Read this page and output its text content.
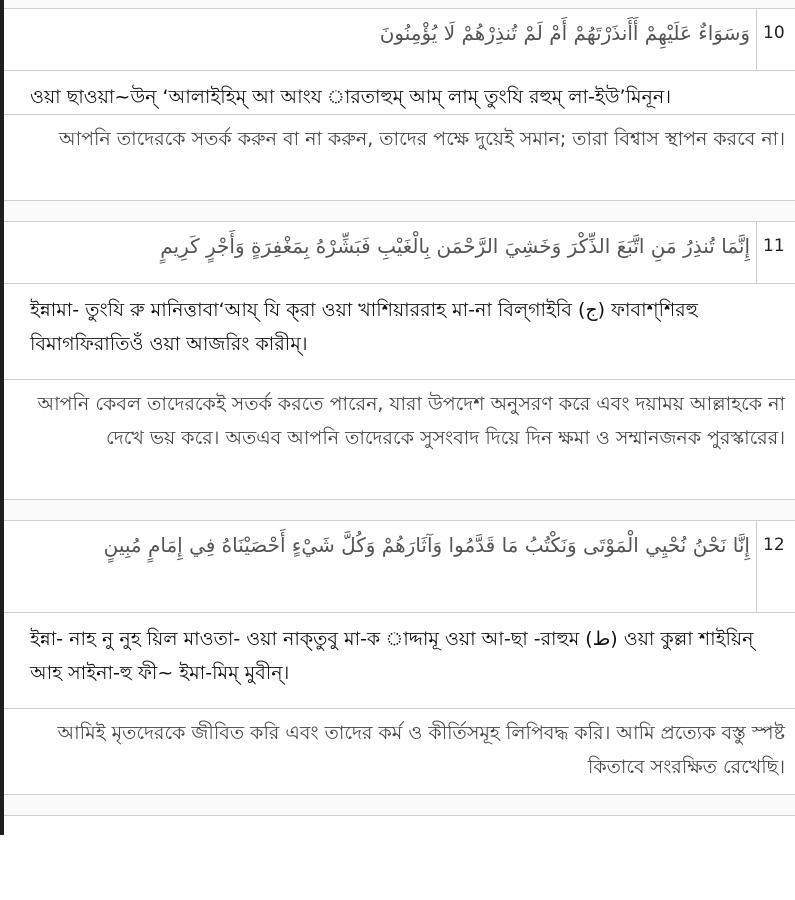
وَسَوَاءٌ عَلَيْهِمْ أَأَنذَرْتَهُمْ أَمْ لَمْ تُنذِرْهُمْ لَا يُؤْمِنُونَ 10
ওয়া ছাওয়া~উন্‌ ‘আলাইহিম্‌ আ আংয ারতাহুম্‌ আম্‌ লাম্‌ তুংযি রহুম্‌ লা-ইউ’মিনূন।
আপনি তাদেরকে সতর্ক করুন বা না করুন, তাদের পক্ষে দুয়েই সমান; তারা বিশ্বাস স্থাপন করবে না।
إِنَّمَا تُنذِرُ مَنِ اتَّبَعَ الذِّكْرَ وَخَشِيَ الرَّحْمَن بِالْغَيْبِ فَبَشِّرْهُ بِمَغْفِرَةٍ وَأَجْرٍ كَرِيمٍ 11
ইন্নামা- তুংযি রু মানিত্তাবা‘আয্‌ যি ক্‌রা ওয়া খাশিয়াররাহ মা-না বিল্‌গাইবি (ج) ফাবাশ্‌শিরহু বিমাগফিরাতিওঁ ওয়া আজরিং কারীম্‌।
আপনি কেবল তাদেরকেই সতর্ক করতে পারেন, যারা উপদেশ অনুসরণ করে এবং দয়াময় আল্লাহকে না দেখে ভয় করে। অতএব আপনি তাদেরকে সুসংবাদ দিয়ে দিন ক্ষমা ও সম্মানজনক পুরস্কারের।
إِنَّا نَحْنُ نُحْيِي الْمَوْتَى وَنَكْتُبُ مَا قَدَّمُوا وَآثَارَهُمْ وَكُلَّ شَيْءٍ أَحْصَيْنَاهُ فِي إِمَامٍ مُبِينٍ 12
ইন্না- নাহ নু নুহ য়িল মাওতা- ওয়া নাক্‌তুবু মা-ক াদ্দামূ ওয়া আ-ছা -রাহুম (ط) ওয়া কুল্লা শাইয়িন্‌ আহ সাইনা-হু ফী~ ইমা-মিম্‌ মুবীন্‌।
আমিই মৃতদেরকে জীবিত করি এবং তাদের কর্ম ও কীর্তিসমূহ লিপিবদ্ধ করি। আমি প্রত্যেক বস্তু স্পষ্ট কিতাবে সংরক্ষিত রেখেছি।
